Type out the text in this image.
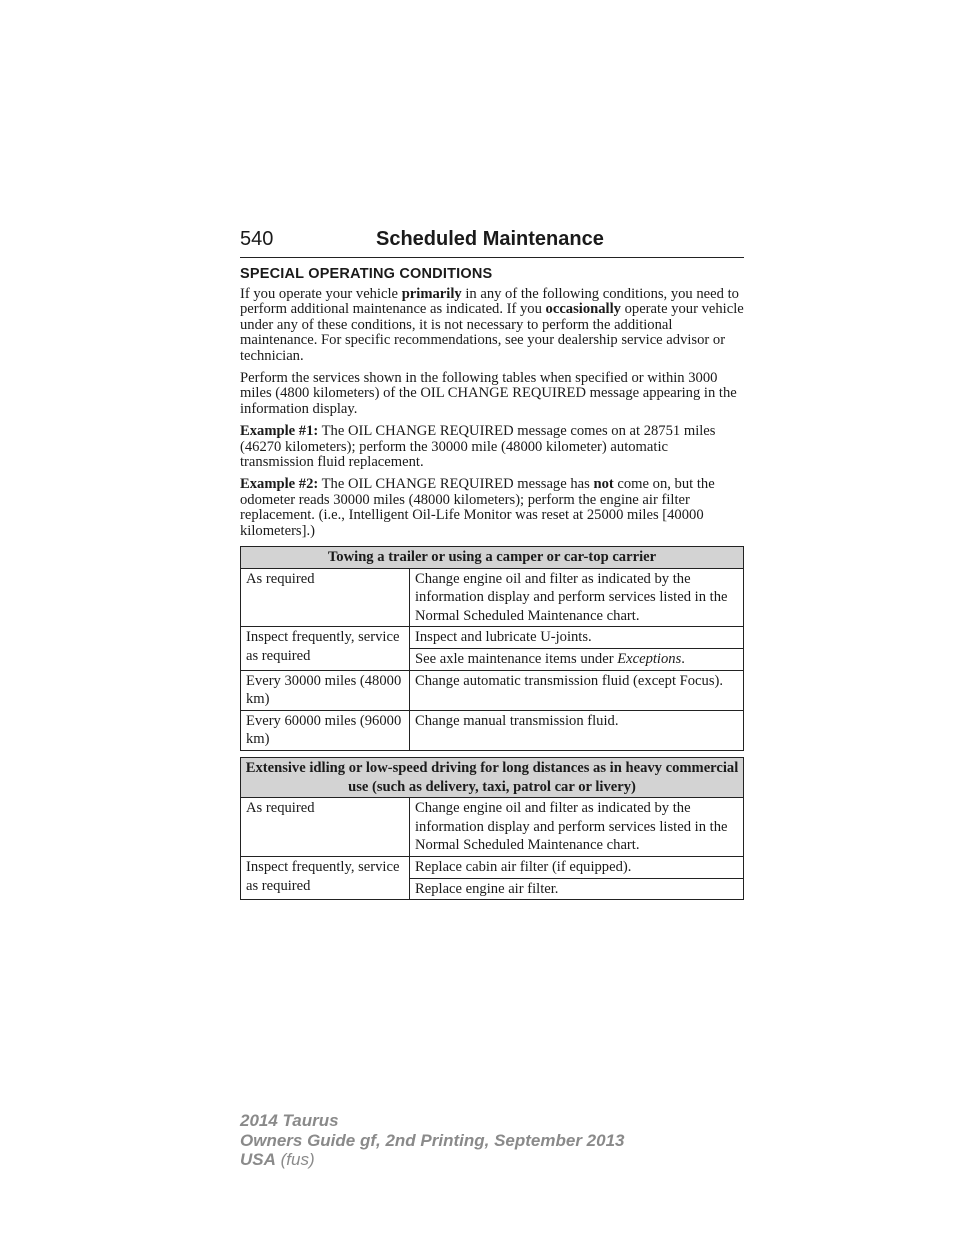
540	Scheduled Maintenance
SPECIAL OPERATING CONDITIONS

If you operate your vehicle primarily in any of the following conditions, you need to perform additional maintenance as indicated. If you occasionally operate your vehicle under any of these conditions, it is not necessary to perform the additional maintenance. For specific recommendations, see your dealership service advisor or technician.

Perform the services shown in the following tables when specified or within 3000 miles (4800 kilometers) of the OIL CHANGE REQUIRED message appearing in the information display.

Example #1: The OIL CHANGE REQUIRED message comes on at 28751 miles (46270 kilometers); perform the 30000 mile (48000 kilometer) automatic transmission fluid replacement.

Example #2: The OIL CHANGE REQUIRED message has not come on, but the odometer reads 30000 miles (48000 kilometers); perform the engine air filter replacement. (i.e., Intelligent Oil-Life Monitor was reset at 25000 miles [40000 kilometers].)

Towing a trailer or using a camper or car-top carrier	
As required	Change engine oil and filter as indicated by the information display and perform services listed in the Normal Scheduled Maintenance chart.
Inspect frequently, service as required	Inspect and lubricate U-joints.
	See axle maintenance items under Exceptions.
Every 30000 miles (48000 km)	Change automatic transmission fluid (except Focus).
Every 60000 miles (96000 km)	Change manual transmission fluid.
Extensive idling or low-speed driving for long distances as in heavy commercial use (such as delivery, taxi, patrol car or livery)	
As required	Change engine oil and filter as indicated by the information display and perform services listed in the Normal Scheduled Maintenance chart.
Inspect frequently, service as required	Replace cabin air filter (if equipped).
	Replace engine air filter.
2014 Taurus
Owners Guide gf, 2nd Printing, September 2013
USA (fus)
